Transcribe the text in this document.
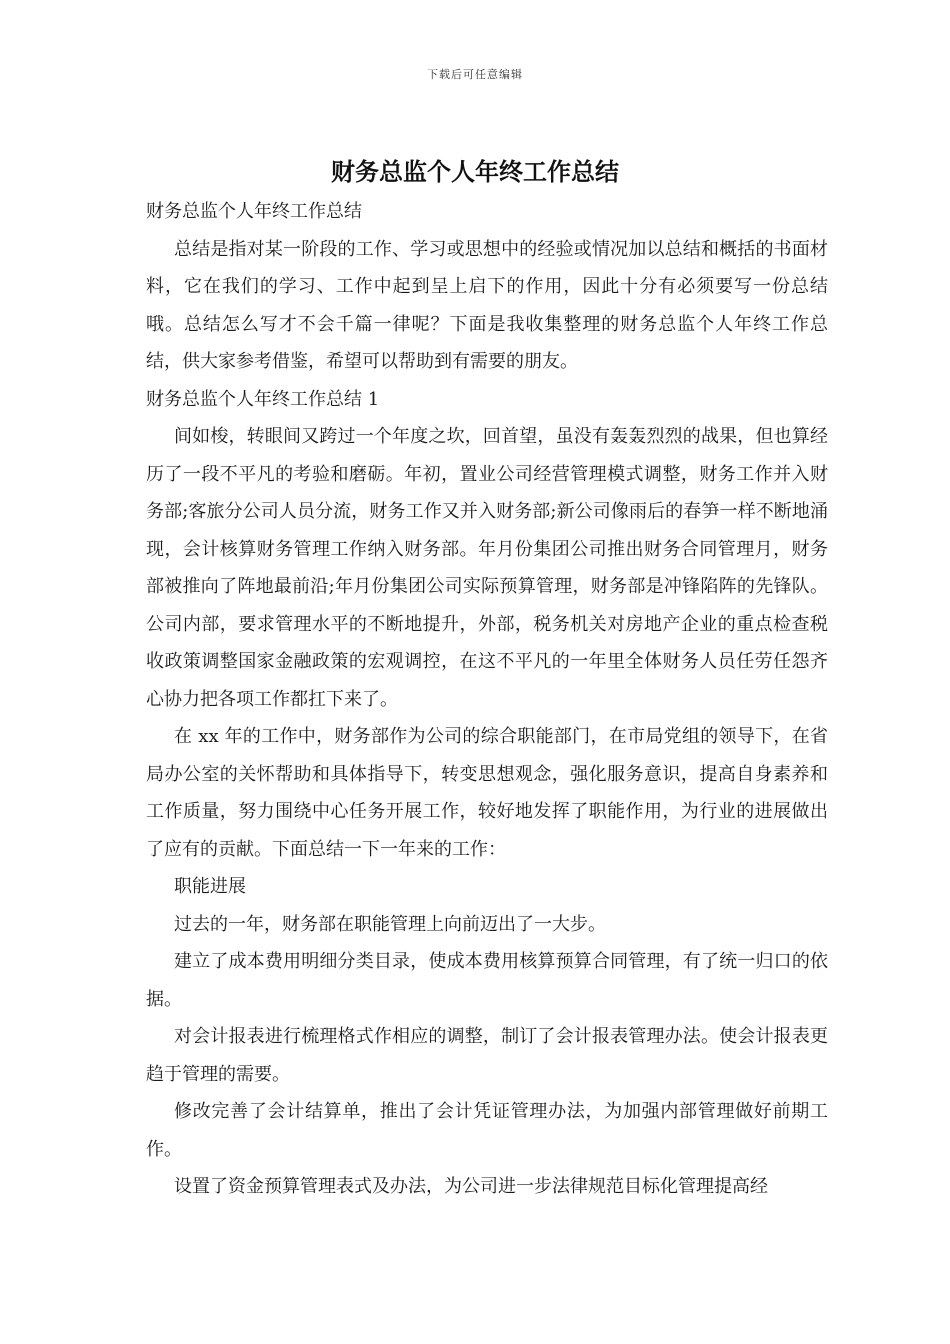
下载后可任意编辑
财务总监个人年终工作总结

财务总监个人年终工作总结

总结是指对某一阶段的工作、学习或思想中的经验或情况加以总结和概括的书面材料，它在我们的学习、工作中起到呈上启下的作用，因此十分有必须要写一份总结哦。总结怎么写才不会千篇一律呢？下面是我收集整理的财务总监个人年终工作总结，供大家参考借鉴，希望可以帮助到有需要的朋友。

财务总监个人年终工作总结 1

间如梭，转眼间又跨过一个年度之坎，回首望，虽没有轰轰烈烈的战果，但也算经历了一段不平凡的考验和磨砺。年初，置业公司经营管理模式调整，财务工作并入财务部;客旅分公司人员分流，财务工作又并入财务部;新公司像雨后的春笋一样不断地涌现，会计核算财务管理工作纳入财务部。年月份集团公司推出财务合同管理月，财务部被推向了阵地最前沿;年月份集团公司实际预算管理，财务部是冲锋陷阵的先锋队。公司内部，要求管理水平的不断地提升，外部，税务机关对房地产企业的重点检查税收政策调整国家金融政策的宏观调控，在这不平凡的一年里全体财务人员任劳任怨齐心协力把各项工作都扛下来了。

在 xx 年的工作中，财务部作为公司的综合职能部门，在市局党组的领导下，在省局办公室的关怀帮助和具体指导下，转变思想观念，强化服务意识，提高自身素养和工作质量，努力围绕中心任务开展工作，较好地发挥了职能作用，为行业的进展做出了应有的贡献。下面总结一下一年来的工作：

职能进展

过去的一年，财务部在职能管理上向前迈出了一大步。

建立了成本费用明细分类目录，使成本费用核算预算合同管理，有了统一归口的依据。

对会计报表进行梳理格式作相应的调整，制订了会计报表管理办法。使会计报表更趋于管理的需要。

修改完善了会计结算单，推出了会计凭证管理办法，为加强内部管理做好前期工作。

设置了资金预算管理表式及办法，为公司进一步法律规范目标化管理提高经
